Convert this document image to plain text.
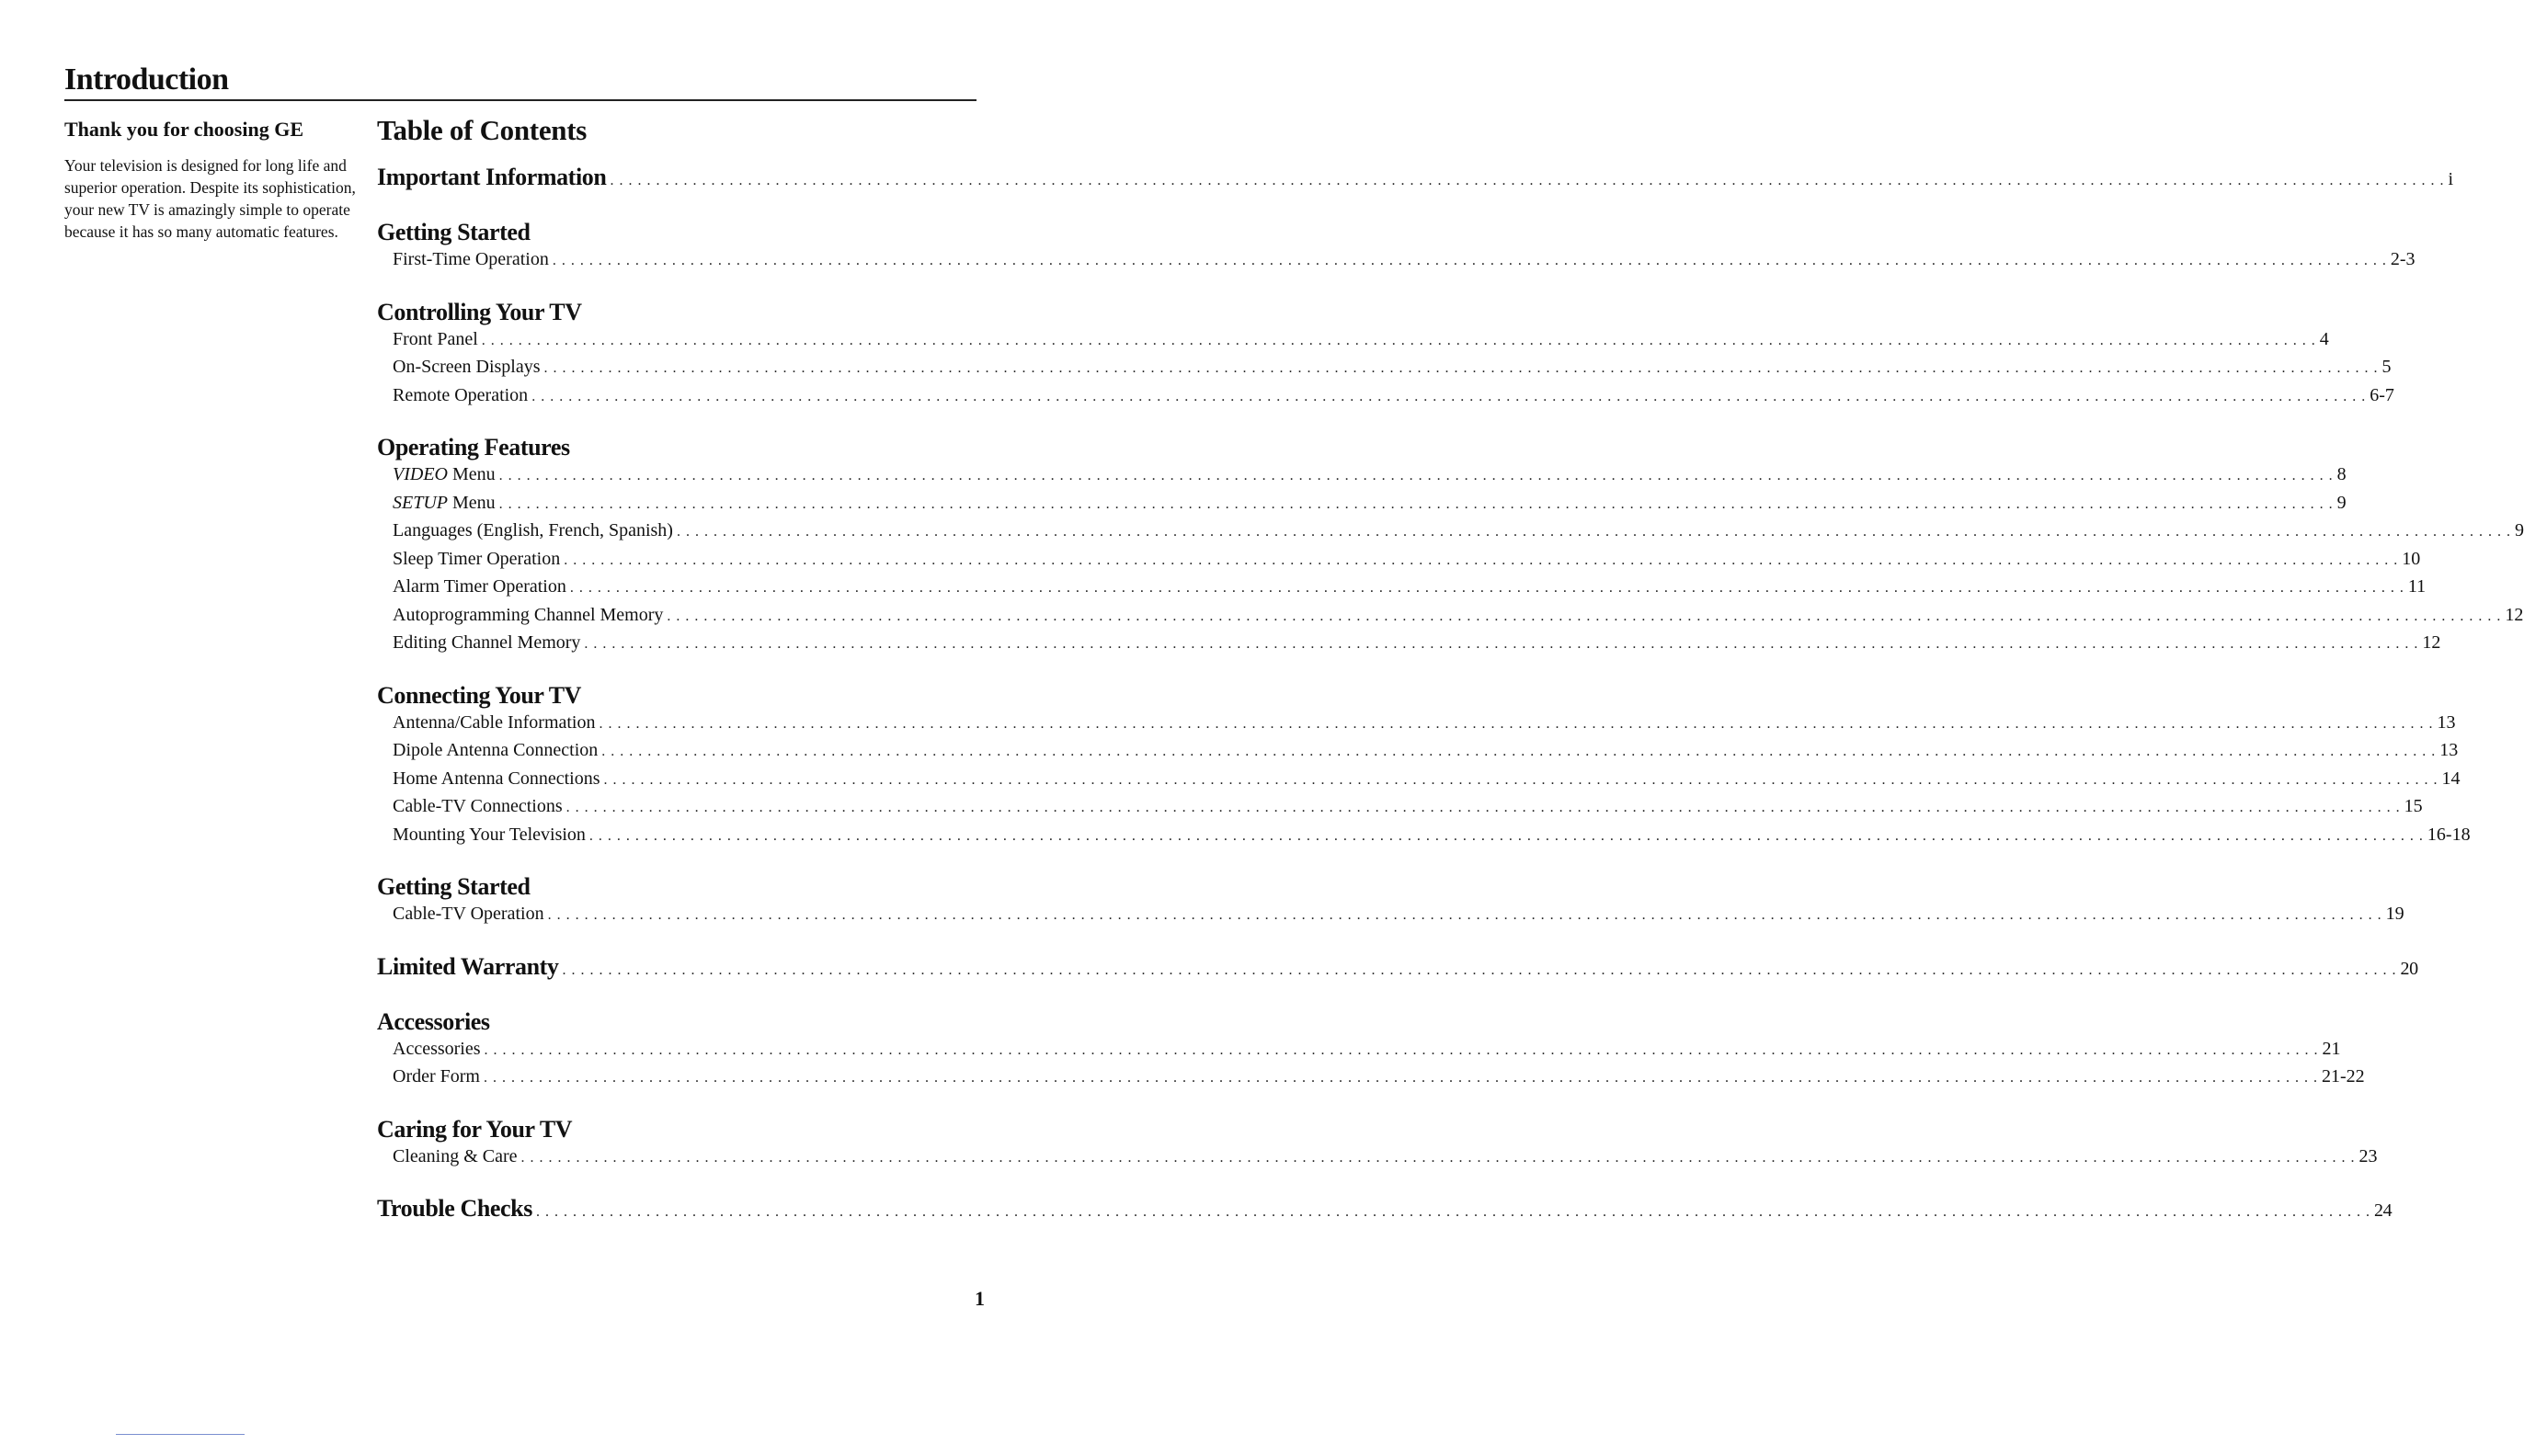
Introduction
Thank you for choosing GE
Your television is designed for long life and superior operation. Despite its sophistication, your new TV is amazingly simple to operate because it has so many automatic features.
Table of Contents
Important Information . . . . . . . . . . . . . . . . . . . . . . . . . . . . . . . . . . . . . . . . . . . . . . . . . . . . . . . . . . . . . . . . . . . . . . . . . . . . . . . . . . . . . . . . . . . . . . . . . . . . . . . . . . . . . . . . . . . . . . . . . . . . . . . . . . . . . . . . . . . . . . . . . . . . . . . . . . . . . . . . . . . . . . . . . . . . . . . . . . . . . . . . . . . . . . . . . . . . . . . . i
Getting Started
First-Time Operation . . . . . . . . . . . . . . . . . . . . . . . . . . . . . . . . . . . . . . . . . . . . . . . . . . . . . . . . . . . . . . . . . . . . . . . . . . . . . . . . . . . . . . . . . . . . . . . . . . . . . . . . . . . . . . . . . . . . . . . . . . . . . . . . . . . . . . . . . . . . . . . . . . . . . . . . . . . . . . . . . . . . . . . . . . . . . . . . . . . . . . . . . . . . . . . . . . . . . . . . 2-3
Controlling Your TV
Front Panel . . . . . . . . . . . . . . . . . . . . . . . . . . . . . . . . . . . . . . . . . . . . . . . . . . . . . . . . . . . . . . . . . . . . . . . . . . . . . . . . . . . . . . . . . . . . . . . . . . . . . . . . . . . . . . . . . . . . . . . . . . . . . . . . . . . . . . . . . . . . . . . . . . . . . . . . . . . . . . . . . . . . . . . . . . . . . . . . . . . . . . . . . . . . . . . . . . . . . . . . 4
On-Screen Displays . . . . . . . . . . . . . . . . . . . . . . . . . . . . . . . . . . . . . . . . . . . . . . . . . . . . . . . . . . . . . . . . . . . . . . . . . . . . . . . . . . . . . . . . . . . . . . . . . . . . . . . . . . . . . . . . . . . . . . . . . . . . . . . . . . . . . . . . . . . . . . . . . . . . . . . . . . . . . . . . . . . . . . . . . . . . . . . . . . . . . . . . . . . . . . . . . . . . . . . . 5
Remote Operation . . . . . . . . . . . . . . . . . . . . . . . . . . . . . . . . . . . . . . . . . . . . . . . . . . . . . . . . . . . . . . . . . . . . . . . . . . . . . . . . . . . . . . . . . . . . . . . . . . . . . . . . . . . . . . . . . . . . . . . . . . . . . . . . . . . . . . . . . . . . . . . . . . . . . . . . . . . . . . . . . . . . . . . . . . . . . . . . . . . . . . . . . . . . . . . . . . . . . . . . 6-7
Operating Features
VIDEO Menu . . . . . . . . . . . . . . . . . . . . . . . . . . . . . . . . . . . . . . . . . . . . . . . . . . . . . . . . . . . . . . . . . . . . . . . . . . . . . . . . . . . . . . . . . . . . . . . . . . . . . . . . . . . . . . . . . . . . . . . . . . . . . . . . . . . . . . . . . . . . . . . . . . . . . . . . . . . . . . . . . . . . . . . . . . . . . . . . . . . . . . . . . . . . . . . . . . . . . . . . 8
SETUP Menu . . . . . . . . . . . . . . . . . . . . . . . . . . . . . . . . . . . . . . . . . . . . . . . . . . . . . . . . . . . . . . . . . . . . . . . . . . . . . . . . . . . . . . . . . . . . . . . . . . . . . . . . . . . . . . . . . . . . . . . . . . . . . . . . . . . . . . . . . . . . . . . . . . . . . . . . . . . . . . . . . . . . . . . . . . . . . . . . . . . . . . . . . . . . . . . . . . . . . . . . 9
Languages (English, French, Spanish) . . . . . . . . . . . . . . . . . . . . . . . . . . . . . . . . . . . . . . . . . . . . . . . . . . . . . . . . . . . . . . . . . . . . . . . . . . . . . . . . . . . . . . . . . . . . . . . . . . . . . . . . . . . . . . . . . . . . . . . . . . . . . . . . . . . . . . . . . . . . . . . . . . . . . . . . . . . . . . . . . . . . . . . . . . . . . . . . . . . . . . . . . . . . . . . . . . . . . . . . 9
Sleep Timer Operation . . . . . . . . . . . . . . . . . . . . . . . . . . . . . . . . . . . . . . . . . . . . . . . . . . . . . . . . . . . . . . . . . . . . . . . . . . . . . . . . . . . . . . . . . . . . . . . . . . . . . . . . . . . . . . . . . . . . . . . . . . . . . . . . . . . . . . . . . . . . . . . . . . . . . . . . . . . . . . . . . . . . . . . . . . . . . . . . . . . . . . . . . . . . . . . . . . . . . . . . 10
Alarm Timer Operation . . . . . . . . . . . . . . . . . . . . . . . . . . . . . . . . . . . . . . . . . . . . . . . . . . . . . . . . . . . . . . . . . . . . . . . . . . . . . . . . . . . . . . . . . . . . . . . . . . . . . . . . . . . . . . . . . . . . . . . . . . . . . . . . . . . . . . . . . . . . . . . . . . . . . . . . . . . . . . . . . . . . . . . . . . . . . . . . . . . . . . . . . . . . . . . . . . . . . . . . 11
Autoprogramming Channel Memory . . . . . . . . . . . . . . . . . . . . . . . . . . . . . . . . . . . . . . . . . . . . . . . . . . . . . . . . . . . . . . . . . . . . . . . . . . . . . . . . . . . . . . . . . . . . . . . . . . . . . . . . . . . . . . . . . . . . . . . . . . . . . . . . . . . . . . . . . . . . . . . . . . . . . . . . . . . . . . . . . . . . . . . . . . . . . . . . . . . . . . . . . . . . . . . . . . . . . . . . 12
Editing Channel Memory . . . . . . . . . . . . . . . . . . . . . . . . . . . . . . . . . . . . . . . . . . . . . . . . . . . . . . . . . . . . . . . . . . . . . . . . . . . . . . . . . . . . . . . . . . . . . . . . . . . . . . . . . . . . . . . . . . . . . . . . . . . . . . . . . . . . . . . . . . . . . . . . . . . . . . . . . . . . . . . . . . . . . . . . . . . . . . . . . . . . . . . . . . . . . . . . . . . . . . . . 12
Connecting Your TV
Antenna/Cable Information . . . . . . . . . . . . . . . . . . . . . . . . . . . . . . . . . . . . . . . . . . . . . . . . . . . . . . . . . . . . . . . . . . . . . . . . . . . . . . . . . . . . . . . . . . . . . . . . . . . . . . . . . . . . . . . . . . . . . . . . . . . . . . . . . . . . . . . . . . . . . . . . . . . . . . . . . . . . . . . . . . . . . . . . . . . . . . . . . . . . . . . . . . . . . . . . . . . . . . . . 13
Dipole Antenna Connection . . . . . . . . . . . . . . . . . . . . . . . . . . . . . . . . . . . . . . . . . . . . . . . . . . . . . . . . . . . . . . . . . . . . . . . . . . . . . . . . . . . . . . . . . . . . . . . . . . . . . . . . . . . . . . . . . . . . . . . . . . . . . . . . . . . . . . . . . . . . . . . . . . . . . . . . . . . . . . . . . . . . . . . . . . . . . . . . . . . . . . . . . . . . . . . . . . . . . . . . 13
Home Antenna Connections . . . . . . . . . . . . . . . . . . . . . . . . . . . . . . . . . . . . . . . . . . . . . . . . . . . . . . . . . . . . . . . . . . . . . . . . . . . . . . . . . . . . . . . . . . . . . . . . . . . . . . . . . . . . . . . . . . . . . . . . . . . . . . . . . . . . . . . . . . . . . . . . . . . . . . . . . . . . . . . . . . . . . . . . . . . . . . . . . . . . . . . . . . . . . . . . . . . . . . . . 14
Cable-TV Connections . . . . . . . . . . . . . . . . . . . . . . . . . . . . . . . . . . . . . . . . . . . . . . . . . . . . . . . . . . . . . . . . . . . . . . . . . . . . . . . . . . . . . . . . . . . . . . . . . . . . . . . . . . . . . . . . . . . . . . . . . . . . . . . . . . . . . . . . . . . . . . . . . . . . . . . . . . . . . . . . . . . . . . . . . . . . . . . . . . . . . . . . . . . . . . . . . . . . . . . . 15
Mounting Your Television . . . . . . . . . . . . . . . . . . . . . . . . . . . . . . . . . . . . . . . . . . . . . . . . . . . . . . . . . . . . . . . . . . . . . . . . . . . . . . . . . . . . . . . . . . . . . . . . . . . . . . . . . . . . . . . . . . . . . . . . . . . . . . . . . . . . . . . . . . . . . . . . . . . . . . . . . . . . . . . . . . . . . . . . . . . . . . . . . . . . . . . . . . . . . . . . . . . . . . . . 16-18
Getting Started
Cable-TV Operation . . . . . . . . . . . . . . . . . . . . . . . . . . . . . . . . . . . . . . . . . . . . . . . . . . . . . . . . . . . . . . . . . . . . . . . . . . . . . . . . . . . . . . . . . . . . . . . . . . . . . . . . . . . . . . . . . . . . . . . . . . . . . . . . . . . . . . . . . . . . . . . . . . . . . . . . . . . . . . . . . . . . . . . . . . . . . . . . . . . . . . . . . . . . . . . . . . . . . . . . 19
Limited Warranty . . . . . . . . . . . . . . . . . . . . . . . . . . . . . . . . . . . . . . . . . . . . . . . . . . . . . . . . . . . . . . . . . . . . . . . . . . . . . . . . . . . . . . . . . . . . . . . . . . . . . . . . . . . . . . . . . . . . . . . . . . . . . . . . . . . . . . . . . . . . . . . . . . . . . . . . . . . . . . . . . . . . . . . . . . . . . . . . . . . . . . . . . . . . . . . . . . . . . . . . 20
Accessories
Accessories . . . . . . . . . . . . . . . . . . . . . . . . . . . . . . . . . . . . . . . . . . . . . . . . . . . . . . . . . . . . . . . . . . . . . . . . . . . . . . . . . . . . . . . . . . . . . . . . . . . . . . . . . . . . . . . . . . . . . . . . . . . . . . . . . . . . . . . . . . . . . . . . . . . . . . . . . . . . . . . . . . . . . . . . . . . . . . . . . . . . . . . . . . . . . . . . . . . . . . . . 21
Order Form . . . . . . . . . . . . . . . . . . . . . . . . . . . . . . . . . . . . . . . . . . . . . . . . . . . . . . . . . . . . . . . . . . . . . . . . . . . . . . . . . . . . . . . . . . . . . . . . . . . . . . . . . . . . . . . . . . . . . . . . . . . . . . . . . . . . . . . . . . . . . . . . . . . . . . . . . . . . . . . . . . . . . . . . . . . . . . . . . . . . . . . . . . . . . . . . . . . . . . . . 21-22
Caring for Your TV
Cleaning & Care . . . . . . . . . . . . . . . . . . . . . . . . . . . . . . . . . . . . . . . . . . . . . . . . . . . . . . . . . . . . . . . . . . . . . . . . . . . . . . . . . . . . . . . . . . . . . . . . . . . . . . . . . . . . . . . . . . . . . . . . . . . . . . . . . . . . . . . . . . . . . . . . . . . . . . . . . . . . . . . . . . . . . . . . . . . . . . . . . . . . . . . . . . . . . . . . . . . . . . . . 23
Trouble Checks . . . . . . . . . . . . . . . . . . . . . . . . . . . . . . . . . . . . . . . . . . . . . . . . . . . . . . . . . . . . . . . . . . . . . . . . . . . . . . . . . . . . . . . . . . . . . . . . . . . . . . . . . . . . . . . . . . . . . . . . . . . . . . . . . . . . . . . . . . . . . . . . . . . . . . . . . . . . . . . . . . . . . . . . . . . . . . . . . . . . . . . . . . . . . . . . . . . . . . . . 24
1
